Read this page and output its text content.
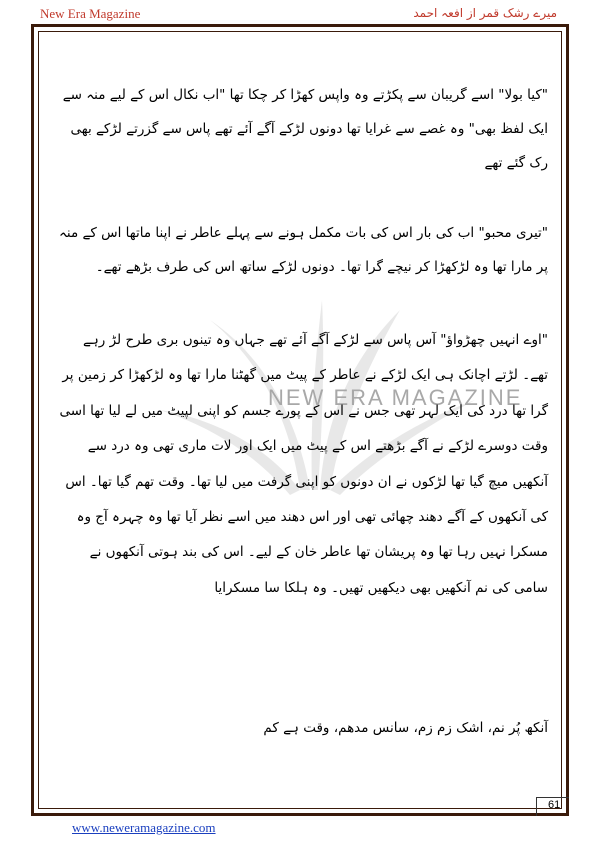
New Era Magazine	میرے رشک قمر از افعہ احمد
NEW ERA MAGAZINE

"کیا بولا" اسے گریبان سے پکڑتے وہ واپس کھڑا کر چکا تھا "اب نکال اس کے لیے منہ سے ایک لفظ بھی" وہ غصے سے غرایا تھا دونوں لڑکے آگے آئے تھے پاس سے گزرتے لڑکے بھی رک گئے تھے

"تیری محبو" اب کی بار اس کی بات مکمل ہونے سے پہلے عاطر نے اپنا ماتھا اس کے منہ پر مارا تھا وہ لڑکھڑا کر نیچے گرا تھا۔ دونوں لڑکے ساتھ اس کی طرف بڑھے تھے۔

"اوے انہیں چھڑواؤ" آس پاس سے لڑکے آگے آئے تھے جہاں وہ تینوں بری طرح لڑ رہے تھے۔ لڑتے اچانک ہی ایک لڑکے نے عاطر کے پیٹ میں گھٹنا مارا تھا وہ لڑکھڑا کر زمین پر گرا تھا درد کی ایک لہر تھی جس نے اس کے پورے جسم کو اپنی لپیٹ میں لے لیا تھا اسی وقت دوسرے لڑکے نے آگے بڑھتے اس کے پیٹ میں ایک اور لات ماری تھی وہ درد سے آنکھیں میچ گیا تھا لڑکوں نے ان دونوں کو اپنی گرفت میں لیا تھا۔ وقت تھم گیا تھا۔ اس کی آنکھوں کے آگے دھند چھائی تھی اور اس دھند میں اسے نظر آیا تھا وہ چہرہ آج وہ مسکرا نہیں رہا تھا وہ پریشان تھا عاطر خان کے لیے۔ اس کی بند ہوتی آنکھوں نے سامی کی نم آنکھیں بھی دیکھیں تھیں۔ وہ ہلکا سا مسکرایا

آنکھ پُر نم، اشک زم زم، سانس مدھم، وقت ہے کم

61
www.neweramagazine.com
